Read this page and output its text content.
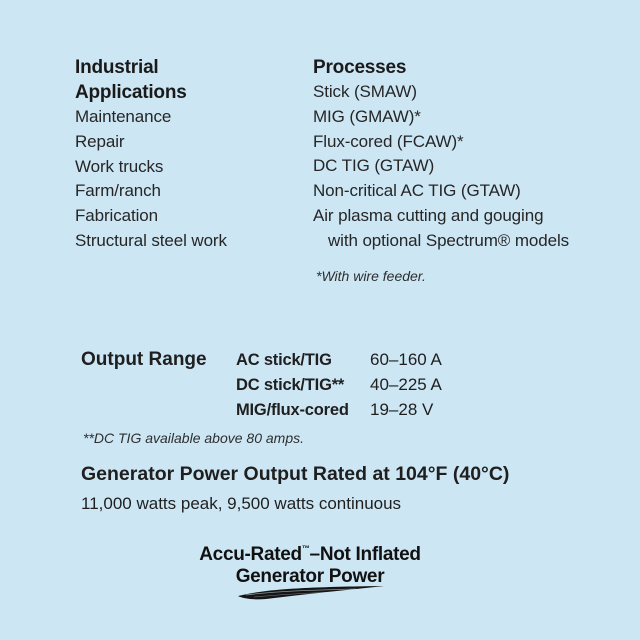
Industrial
Applications
Maintenance
Repair
Work trucks
Farm/ranch
Fabrication
Structural steel work
Processes
Stick (SMAW)
MIG (GMAW)*
Flux-cored (FCAW)*
DC TIG (GTAW)
Non-critical AC TIG (GTAW)
Air plasma cutting and gouging
with optional Spectrum® models
*With wire feeder.
Output Range AC stick/TIG 60–160 A
DC stick/TIG** 40–225 A
MIG/flux-cored 19–28 V
**DC TIG available above 80 amps.
Generator Power Output Rated at 104°F (40°C)
11,000 watts peak, 9,500 watts continuous
Accu-Rated™–Not Inflated
Generator Power
